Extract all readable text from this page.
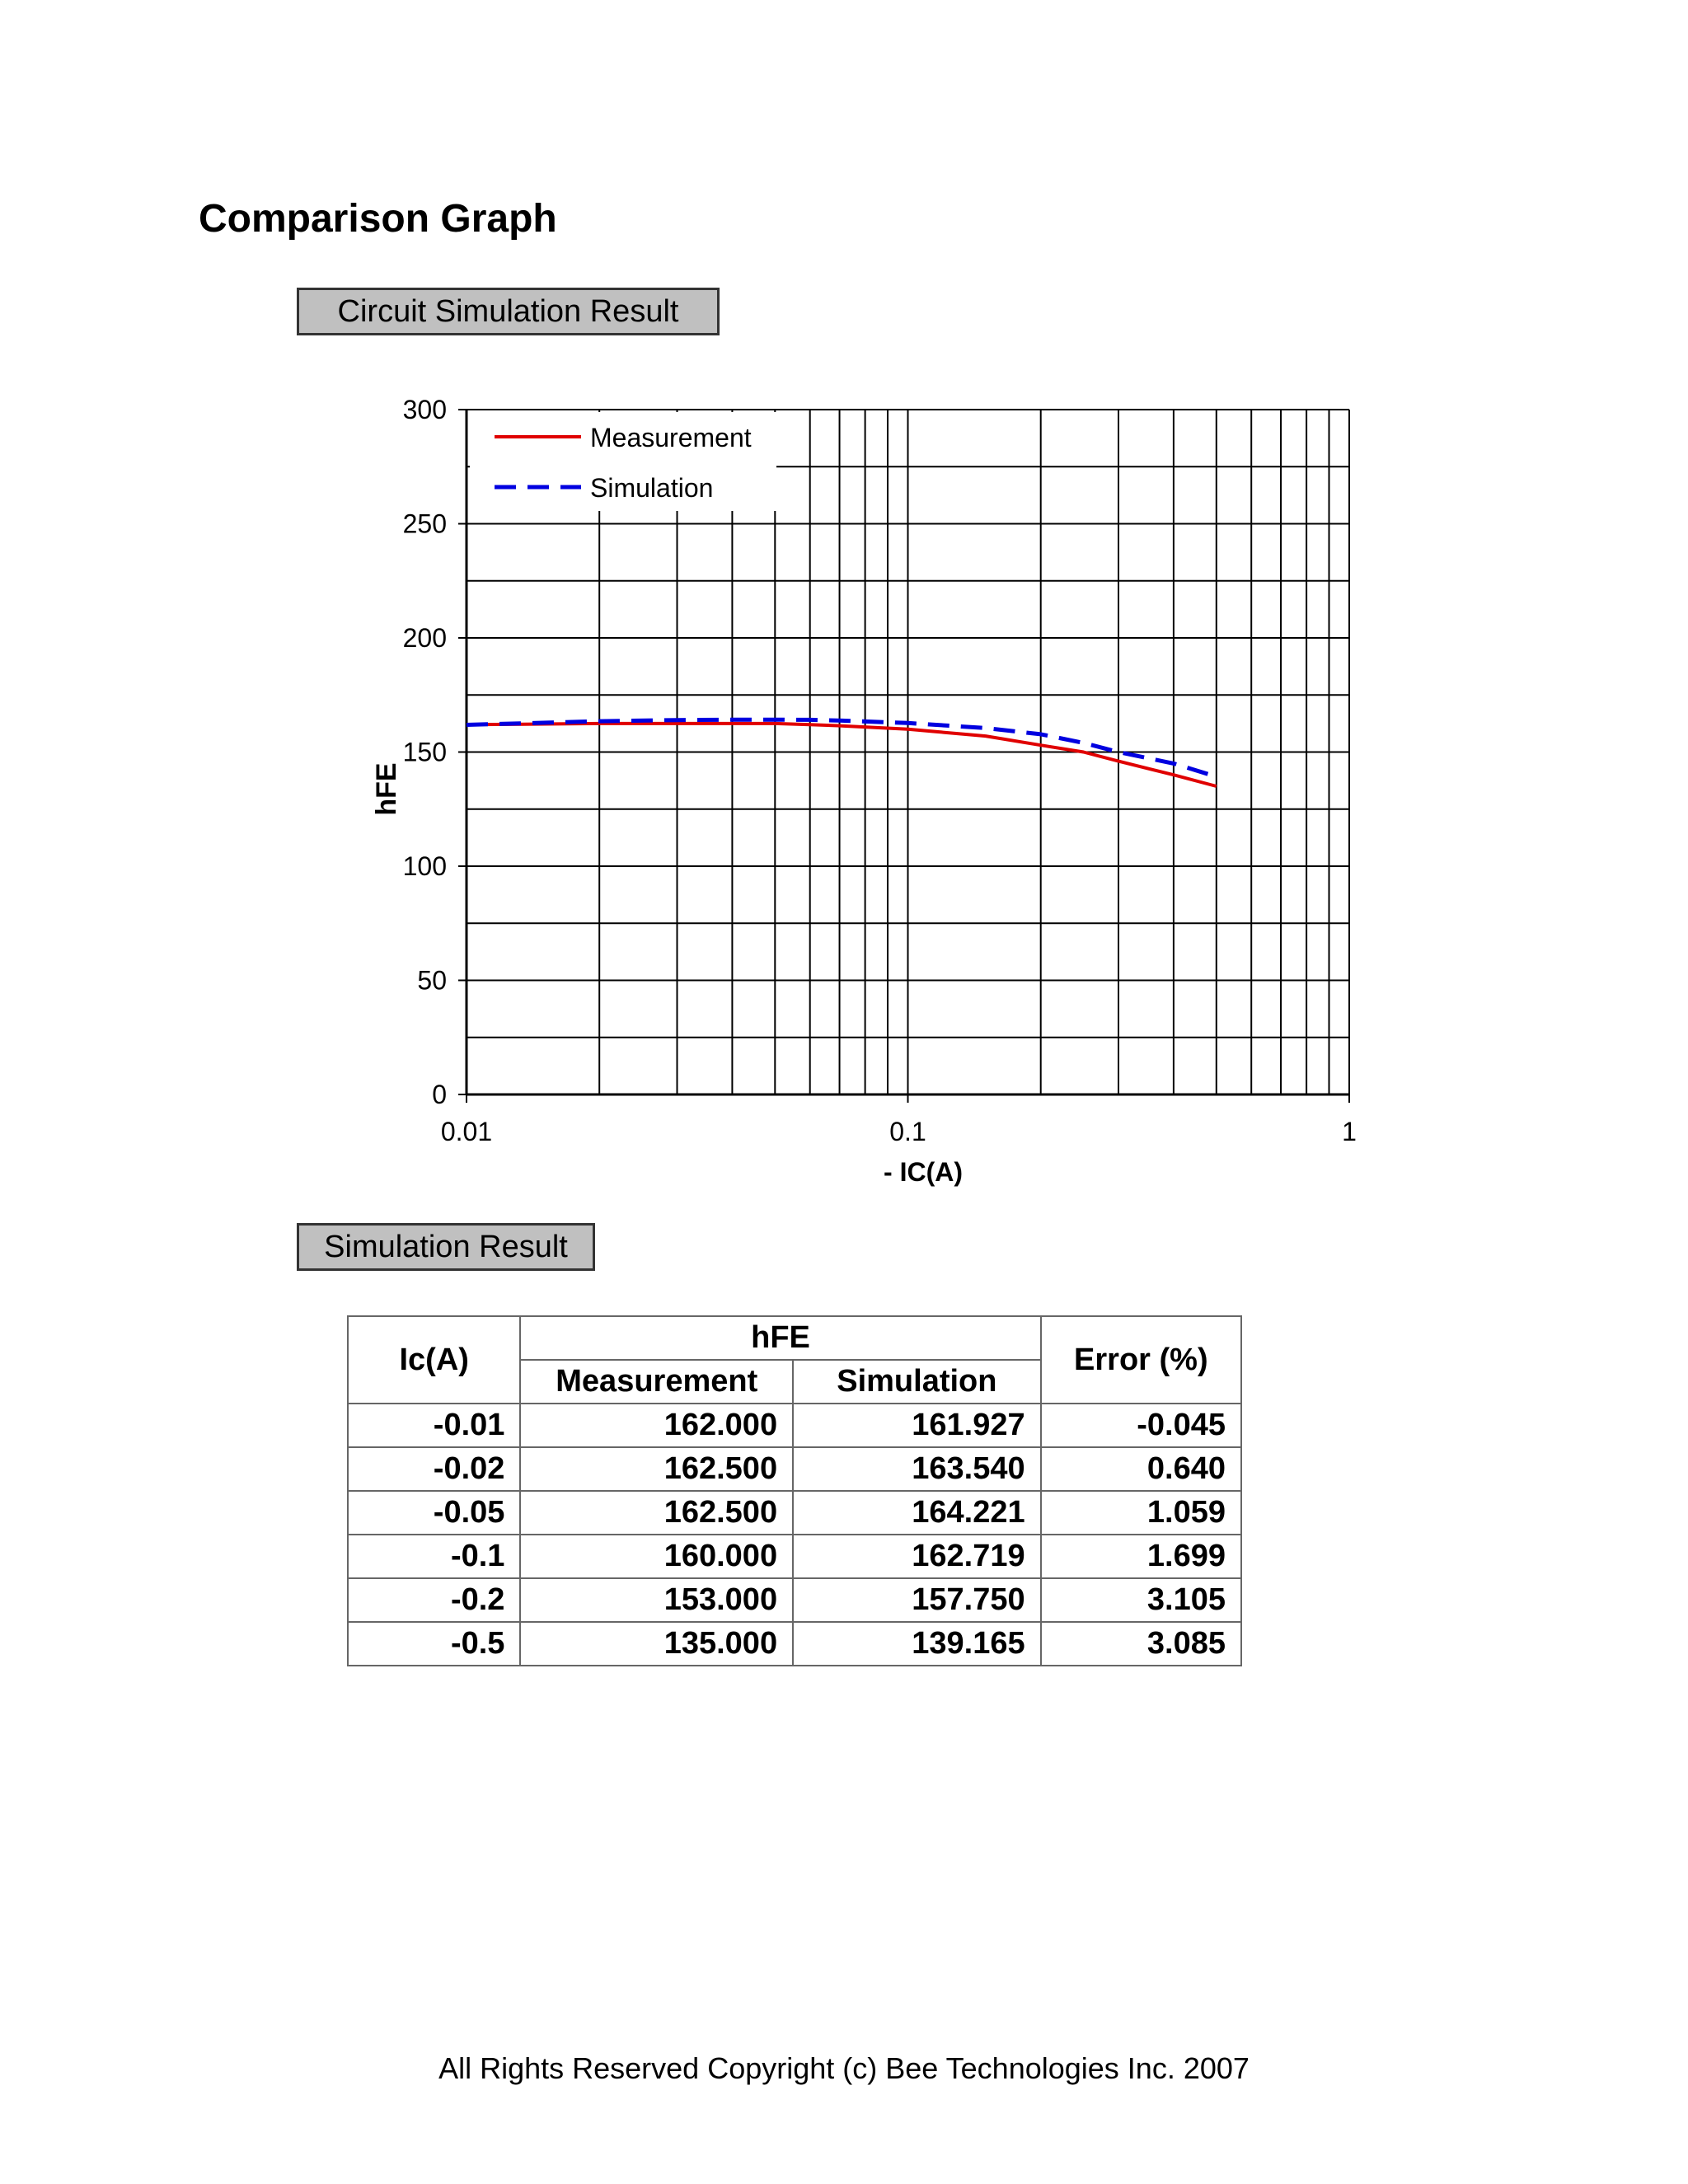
Comparison Graph
Circuit Simulation Result
0
50
100
150
200
250
300
0.01	0.1	1
hFE
- IC(A)
Measurement
Simulation
Simulation Result
Ic(A)	hFE		Error (%)
	Measurement	Simulation	
-0.01	162.000	161.927	-0.045
-0.02	162.500	163.540	0.640
-0.05	162.500	164.221	1.059
-0.1	160.000	162.719	1.699
-0.2	153.000	157.750	3.105
-0.5	135.000	139.165	3.085
All Rights Reserved Copyright (c) Bee Technologies Inc. 2007
